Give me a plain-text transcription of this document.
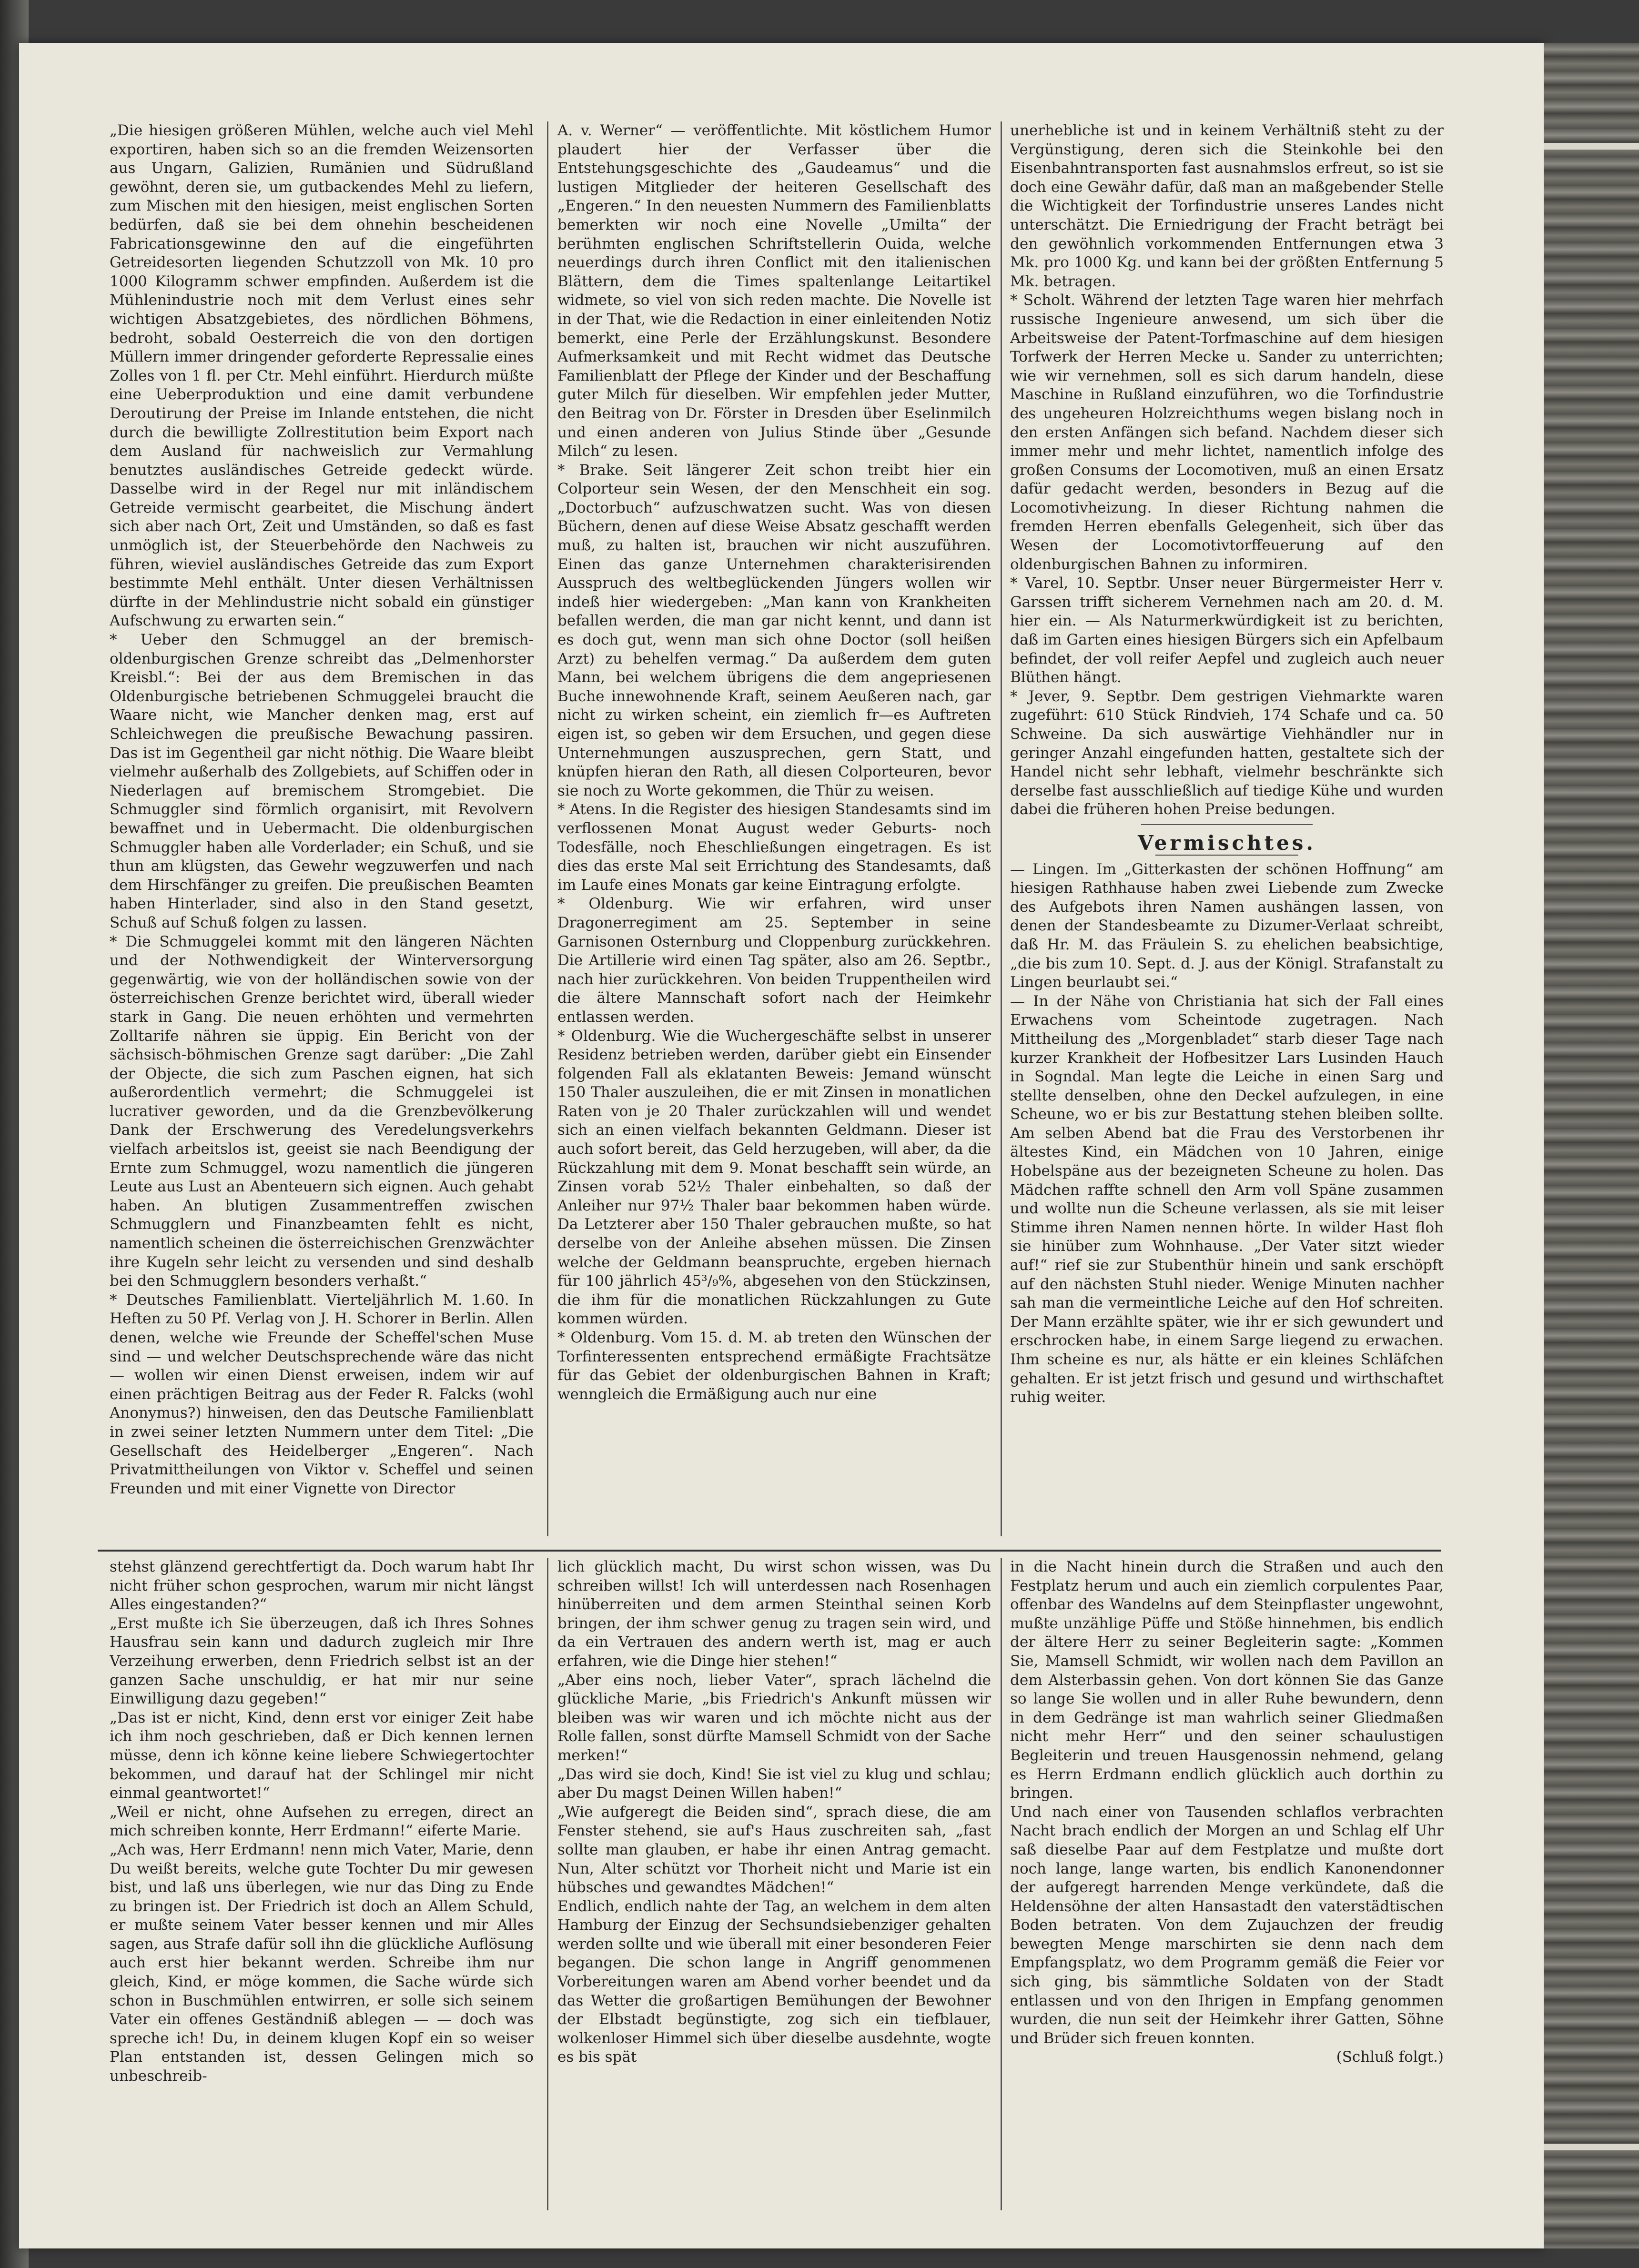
„Die hiesigen größeren Mühlen, welche auch viel Mehl exportiren, haben sich so an die fremden Weizensorten aus Ungarn, Galizien, Rumänien und Südrußland gewöhnt, deren sie, um gutbackendes Mehl zu liefern, zum Mischen mit den hiesigen, meist englischen Sorten bedürfen, daß sie bei dem ohnehin bescheidenen Fabricationsgewinne den auf die eingeführten Getreidesorten liegenden Schutzzoll von Mk. 10 pro 1000 Kilogramm schwer empfinden. Außerdem ist die Mühlenindustrie noch mit dem Verlust eines sehr wichtigen Absatzgebietes, des nördlichen Böhmens, bedroht, sobald Oesterreich die von den dortigen Müllern immer dringender geforderte Repressalie eines Zolles von 1 fl. per Ctr. Mehl einführt. Hierdurch müßte eine Ueberproduktion und eine damit verbundene Deroutirung der Preise im Inlande entstehen, die nicht durch die bewilligte Zollrestitution beim Export nach dem Ausland für nachweislich zur Vermahlung benutztes ausländisches Getreide gedeckt würde. Dasselbe wird in der Regel nur mit inländischem Getreide vermischt gearbeitet, die Mischung ändert sich aber nach Ort, Zeit und Umständen, so daß es fast unmöglich ist, der Steuerbehörde den Nachweis zu führen, wieviel ausländisches Getreide das zum Export bestimmte Mehl enthält. Unter diesen Verhältnissen dürfte in der Mehlindustrie nicht sobald ein günstiger Aufschwung zu erwarten sein.“
* Ueber den Schmuggel an der bremisch-oldenburgischen Grenze schreibt das „Delmenhorster Kreisbl.“: Bei der aus dem Bremischen in das Oldenburgische betriebenen Schmuggelei braucht die Waare nicht, wie Mancher denken mag, erst auf Schleichwegen die preußische Bewachung passiren. Das ist im Gegentheil gar nicht nöthig. Die Waare bleibt vielmehr außerhalb des Zollgebiets, auf Schiffen oder in Niederlagen auf bremischem Stromgebiet. Die Schmuggler sind förmlich organisirt, mit Revolvern bewaffnet und in Uebermacht. Die oldenburgischen Schmuggler haben alle Vorderlader; ein Schuß, und sie thun am klügsten, das Gewehr wegzuwerfen und nach dem Hirschfänger zu greifen. Die preußischen Beamten haben Hinterlader, sind also in den Stand gesetzt, Schuß auf Schuß folgen zu lassen.
* Die Schmuggelei kommt mit den längeren Nächten und der Nothwendigkeit der Winterversorgung gegenwärtig, wie von der holländischen sowie von der österreichischen Grenze berichtet wird, überall wieder stark in Gang. Die neuen erhöhten und vermehrten Zolltarife nähren sie üppig. Ein Bericht von der sächsisch-böhmischen Grenze sagt darüber: „Die Zahl der Objecte, die sich zum Paschen eignen, hat sich außerordentlich vermehrt; die Schmuggelei ist lucrativer geworden, und da die Grenzbevölkerung Dank der Erschwerung des Veredelungsverkehrs vielfach arbeitslos ist, geeist sie nach Beendigung der Ernte zum Schmuggel, wozu namentlich die jüngeren Leute aus Lust an Abenteuern sich eignen. Auch gehabt haben. An blutigen Zusammentreffen zwischen Schmugglern und Finanzbeamten fehlt es nicht, namentlich scheinen die österreichischen Grenzwächter ihre Kugeln sehr leicht zu versenden und sind deshalb bei den Schmugglern besonders verhaßt.“
* Deutsches Familienblatt. Vierteljährlich M. 1.60. In Heften zu 50 Pf. Verlag von J. H. Schorer in Berlin. Allen denen, welche wie Freunde der Scheffel'schen Muse sind — und welcher Deutschsprechende wäre das nicht — wollen wir einen Dienst erweisen, indem wir auf einen prächtigen Beitrag aus der Feder R. Falcks (wohl Anonymus?) hinweisen, den das Deutsche Familienblatt in zwei seiner letzten Nummern unter dem Titel: „Die Gesellschaft des Heidelberger „Engeren“. Nach Privatmittheilungen von Viktor v. Scheffel und seinen Freunden und mit einer Vignette von Director

A. v. Werner“ — veröffentlichte. Mit köstlichem Humor plaudert hier der Verfasser über die Entstehungsgeschichte des „Gaudeamus“ und die lustigen Mitglieder der heiteren Gesellschaft des „Engeren.“ In den neuesten Nummern des Familienblatts bemerkten wir noch eine Novelle „Umilta“ der berühmten englischen Schriftstellerin Ouida, welche neuerdings durch ihren Conflict mit den italienischen Blättern, dem die Times spaltenlange Leitartikel widmete, so viel von sich reden machte. Die Novelle ist in der That, wie die Redaction in einer einleitenden Notiz bemerkt, eine Perle der Erzählungskunst. Besondere Aufmerksamkeit und mit Recht widmet das Deutsche Familienblatt der Pflege der Kinder und der Beschaffung guter Milch für dieselben. Wir empfehlen jeder Mutter, den Beitrag von Dr. Förster in Dresden über Eselinmilch und einen anderen von Julius Stinde über „Gesunde Milch“ zu lesen.
* Brake. Seit längerer Zeit schon treibt hier ein Colporteur sein Wesen, der den Menschheit ein sog. „Doctorbuch“ aufzuschwatzen sucht. Was von diesen Büchern, denen auf diese Weise Absatz geschafft werden muß, zu halten ist, brauchen wir nicht auszuführen. Einen das ganze Unternehmen charakterisirenden Ausspruch des weltbeglückenden Jüngers wollen wir indeß hier wiedergeben: „Man kann von Krankheiten befallen werden, die man gar nicht kennt, und dann ist es doch gut, wenn man sich ohne Doctor (soll heißen Arzt) zu behelfen vermag.“ Da außerdem dem guten Mann, bei welchem übrigens die dem angepriesenen Buche innewohnende Kraft, seinem Aeußeren nach, gar nicht zu wirken scheint, ein ziemlich fr—es Auftreten eigen ist, so geben wir dem Ersuchen, und gegen diese Unternehmungen auszusprechen, gern Statt, und knüpfen hieran den Rath, all diesen Colporteuren, bevor sie noch zu Worte gekommen, die Thür zu weisen.
* Atens. In die Register des hiesigen Standesamts sind im verflossenen Monat August weder Geburts- noch Todesfälle, noch Eheschließungen eingetragen. Es ist dies das erste Mal seit Errichtung des Standesamts, daß im Laufe eines Monats gar keine Eintragung erfolgte.
* Oldenburg. Wie wir erfahren, wird unser Dragonerregiment am 25. September in seine Garnisonen Osternburg und Cloppenburg zurückkehren. Die Artillerie wird einen Tag später, also am 26. Septbr., nach hier zurückkehren. Von beiden Truppentheilen wird die ältere Mannschaft sofort nach der Heimkehr entlassen werden.
* Oldenburg. Wie die Wuchergeschäfte selbst in unserer Residenz betrieben werden, darüber giebt ein Einsender folgenden Fall als eklatanten Beweis: Jemand wünscht 150 Thaler auszuleihen, die er mit Zinsen in monatlichen Raten von je 20 Thaler zurückzahlen will und wendet sich an einen vielfach bekannten Geldmann. Dieser ist auch sofort bereit, das Geld herzugeben, will aber, da die Rückzahlung mit dem 9. Monat beschafft sein würde, an Zinsen vorab 52½ Thaler einbehalten, so daß der Anleiher nur 97½ Thaler baar bekommen haben würde. Da Letzterer aber 150 Thaler gebrauchen mußte, so hat derselbe von der Anleihe absehen müssen. Die Zinsen welche der Geldmann beanspruchte, ergeben hiernach für 100 jährlich 45³/₉%, abgesehen von den Stückzinsen, die ihm für die monatlichen Rückzahlungen zu Gute kommen würden.
* Oldenburg. Vom 15. d. M. ab treten den Wünschen der Torfinteressenten entsprechend ermäßigte Frachtsätze für das Gebiet der oldenburgischen Bahnen in Kraft; wenngleich die Ermäßigung auch nur eine

unerhebliche ist und in keinem Verhältniß steht zu der Vergünstigung, deren sich die Steinkohle bei den Eisenbahntransporten fast ausnahmslos erfreut, so ist sie doch eine Gewähr dafür, daß man an maßgebender Stelle die Wichtigkeit der Torfindustrie unseres Landes nicht unterschätzt. Die Erniedrigung der Fracht beträgt bei den gewöhnlich vorkommenden Entfernungen etwa 3 Mk. pro 1000 Kg. und kann bei der größten Entfernung 5 Mk. betragen.
* Scholt. Während der letzten Tage waren hier mehrfach russische Ingenieure anwesend, um sich über die Arbeitsweise der Patent-Torfmaschine auf dem hiesigen Torfwerk der Herren Mecke u. Sander zu unterrichten; wie wir vernehmen, soll es sich darum handeln, diese Maschine in Rußland einzuführen, wo die Torfindustrie des ungeheuren Holzreichthums wegen bislang noch in den ersten Anfängen sich befand. Nachdem dieser sich immer mehr und mehr lichtet, namentlich infolge des großen Consums der Locomotiven, muß an einen Ersatz dafür gedacht werden, besonders in Bezug auf die Locomotivheizung. In dieser Richtung nahmen die fremden Herren ebenfalls Gelegenheit, sich über das Wesen der Locomotivtorffeuerung auf den oldenburgischen Bahnen zu informiren.
* Varel, 10. Septbr. Unser neuer Bürgermeister Herr v. Garssen trifft sicherem Vernehmen nach am 20. d. M. hier ein. — Als Naturmerkwürdigkeit ist zu berichten, daß im Garten eines hiesigen Bürgers sich ein Apfelbaum befindet, der voll reifer Aepfel und zugleich auch neuer Blüthen hängt.
* Jever, 9. Septbr. Dem gestrigen Viehmarkte waren zugeführt: 610 Stück Rindvieh, 174 Schafe und ca. 50 Schweine. Da sich auswärtige Viehhändler nur in geringer Anzahl eingefunden hatten, gestaltete sich der Handel nicht sehr lebhaft, vielmehr beschränkte sich derselbe fast ausschließlich auf tiedige Kühe und wurden dabei die früheren hohen Preise bedungen.

Vermischtes.

— Lingen. Im „Gitterkasten der schönen Hoffnung“ am hiesigen Rathhause haben zwei Liebende zum Zwecke des Aufgebots ihren Namen aushängen lassen, von denen der Standesbeamte zu Dizumer-Verlaat schreibt, daß Hr. M. das Fräulein S. zu ehelichen beabsichtige, „die bis zum 10. Sept. d. J. aus der Königl. Strafanstalt zu Lingen beurlaubt sei.“
— In der Nähe von Christiania hat sich der Fall eines Erwachens vom Scheintode zugetragen. Nach Mittheilung des „Morgenbladet“ starb dieser Tage nach kurzer Krankheit der Hofbesitzer Lars Lusinden Hauch in Sogndal. Man legte die Leiche in einen Sarg und stellte denselben, ohne den Deckel aufzulegen, in eine Scheune, wo er bis zur Bestattung stehen bleiben sollte. Am selben Abend bat die Frau des Verstorbenen ihr ältestes Kind, ein Mädchen von 10 Jahren, einige Hobelspäne aus der bezeigneten Scheune zu holen. Das Mädchen raffte schnell den Arm voll Späne zusammen und wollte nun die Scheune verlassen, als sie mit leiser Stimme ihren Namen nennen hörte. In wilder Hast floh sie hinüber zum Wohnhause. „Der Vater sitzt wieder auf!“ rief sie zur Stubenthür hinein und sank erschöpft auf den nächsten Stuhl nieder. Wenige Minuten nachher sah man die vermeintliche Leiche auf den Hof schreiten. Der Mann erzählte später, wie ihr er sich gewundert und erschrocken habe, in einem Sarge liegend zu erwachen. Ihm scheine es nur, als hätte er ein kleines Schläfchen gehalten. Er ist jetzt frisch und gesund und wirthschaftet ruhig weiter.

stehst glänzend gerechtfertigt da. Doch warum habt Ihr nicht früher schon gesprochen, warum mir nicht längst Alles eingestanden?“
„Erst mußte ich Sie überzeugen, daß ich Ihres Sohnes Hausfrau sein kann und dadurch zugleich mir Ihre Verzeihung erwerben, denn Friedrich selbst ist an der ganzen Sache unschuldig, er hat mir nur seine Einwilligung dazu gegeben!“
„Das ist er nicht, Kind, denn erst vor einiger Zeit habe ich ihm noch geschrieben, daß er Dich kennen lernen müsse, denn ich könne keine liebere Schwiegertochter bekommen, und darauf hat der Schlingel mir nicht einmal geantwortet!“
„Weil er nicht, ohne Aufsehen zu erregen, direct an mich schreiben konnte, Herr Erdmann!“ eiferte Marie.
„Ach was, Herr Erdmann! nenn mich Vater, Marie, denn Du weißt bereits, welche gute Tochter Du mir gewesen bist, und laß uns überlegen, wie nur das Ding zu Ende zu bringen ist. Der Friedrich ist doch an Allem Schuld, er mußte seinem Vater besser kennen und mir Alles sagen, aus Strafe dafür soll ihn die glückliche Auflösung auch erst hier bekannt werden. Schreibe ihm nur gleich, Kind, er möge kommen, die Sache würde sich schon in Buschmühlen entwirren, er solle sich seinem Vater ein offenes Geständniß ablegen — — doch was spreche ich! Du, in deinem klugen Kopf ein so weiser Plan entstanden ist, dessen Gelingen mich so unbeschreib-

lich glücklich macht, Du wirst schon wissen, was Du schreiben willst! Ich will unterdessen nach Rosenhagen hinüberreiten und dem armen Steinthal seinen Korb bringen, der ihm schwer genug zu tragen sein wird, und da ein Vertrauen des andern werth ist, mag er auch erfahren, wie die Dinge hier stehen!“
„Aber eins noch, lieber Vater“, sprach lächelnd die glückliche Marie, „bis Friedrich's Ankunft müssen wir bleiben was wir waren und ich möchte nicht aus der Rolle fallen, sonst dürfte Mamsell Schmidt von der Sache merken!“
„Das wird sie doch, Kind! Sie ist viel zu klug und schlau; aber Du magst Deinen Willen haben!“
„Wie aufgeregt die Beiden sind“, sprach diese, die am Fenster stehend, sie auf's Haus zuschreiten sah, „fast sollte man glauben, er habe ihr einen Antrag gemacht. Nun, Alter schützt vor Thorheit nicht und Marie ist ein hübsches und gewandtes Mädchen!“
Endlich, endlich nahte der Tag, an welchem in dem alten Hamburg der Einzug der Sechsundsiebenziger gehalten werden sollte und wie überall mit einer besonderen Feier begangen. Die schon lange in Angriff genommenen Vorbereitungen waren am Abend vorher beendet und da das Wetter die großartigen Bemühungen der Bewohner der Elbstadt begünstigte, zog sich ein tiefblauer, wolkenloser Himmel sich über dieselbe ausdehnte, wogte es bis spät

in die Nacht hinein durch die Straßen und auch den Festplatz herum und auch ein ziemlich corpulentes Paar, offenbar des Wandelns auf dem Steinpflaster ungewohnt, mußte unzählige Püffe und Stöße hinnehmen, bis endlich der ältere Herr zu seiner Begleiterin sagte: „Kommen Sie, Mamsell Schmidt, wir wollen nach dem Pavillon an dem Alsterbassin gehen. Von dort können Sie das Ganze so lange Sie wollen und in aller Ruhe bewundern, denn in dem Gedränge ist man wahrlich seiner Gliedmaßen nicht mehr Herr“ und den seiner schaulustigen Begleiterin und treuen Hausgenossin nehmend, gelang es Herrn Erdmann endlich glücklich auch dorthin zu bringen.
Und nach einer von Tausenden schlaflos verbrachten Nacht brach endlich der Morgen an und Schlag elf Uhr saß dieselbe Paar auf dem Festplatze und mußte dort noch lange, lange warten, bis endlich Kanonendonner der aufgeregt harrenden Menge verkündete, daß die Heldensöhne der alten Hansastadt den vaterstädtischen Boden betraten. Von dem Zujauchzen der freudig bewegten Menge marschirten sie denn nach dem Empfangsplatz, wo dem Programm gemäß die Feier vor sich ging, bis sämmtliche Soldaten von der Stadt entlassen und von den Ihrigen in Empfang genommen wurden, die nun seit der Heimkehr ihrer Gatten, Söhne und Brüder sich freuen konnten.

(Schluß folgt.)
